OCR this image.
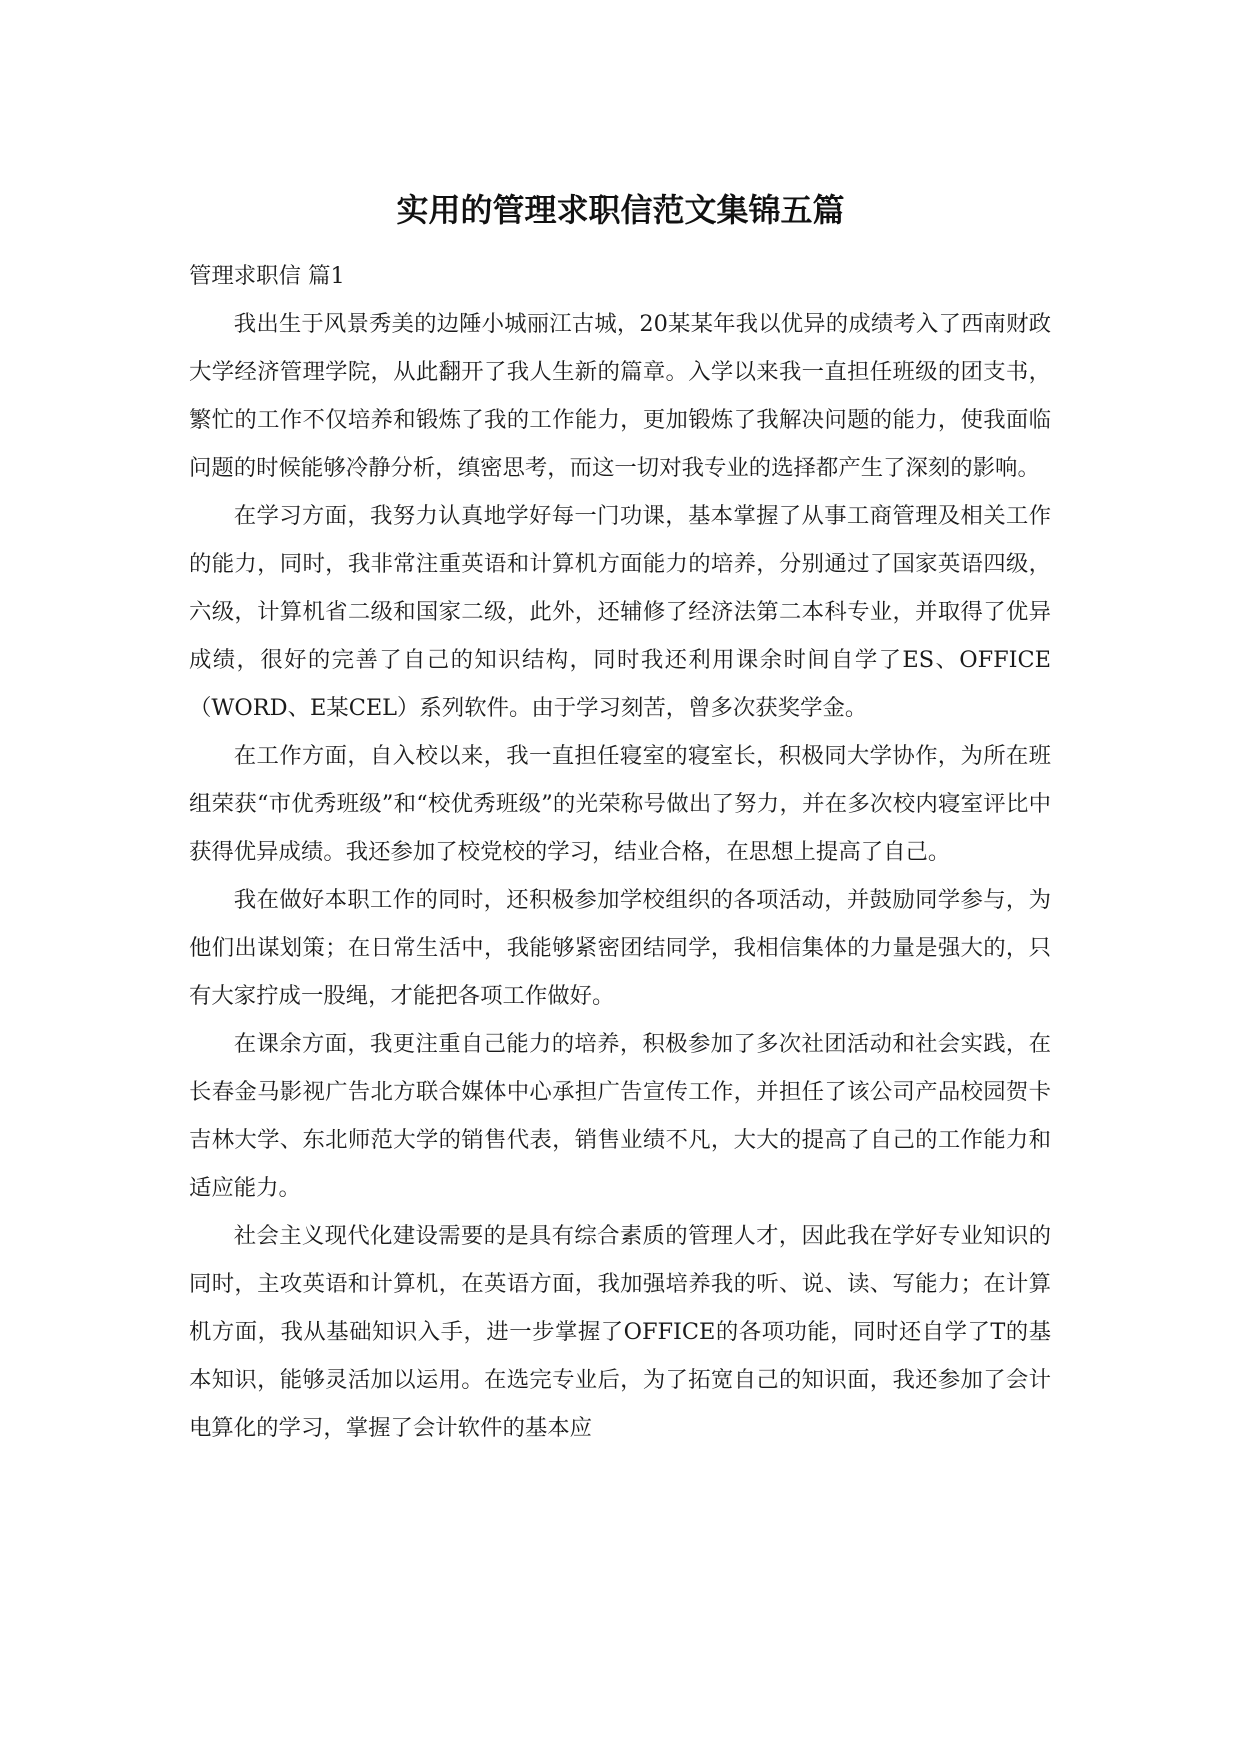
实用的管理求职信范文集锦五篇

管理求职信 篇1

我出生于风景秀美的边陲小城丽江古城，20某某年我以优异的成绩考入了西南财政大学经济管理学院，从此翻开了我人生新的篇章。入学以来我一直担任班级的团支书，繁忙的工作不仅培养和锻炼了我的工作能力，更加锻炼了我解决问题的能力，使我面临问题的时候能够冷静分析，缜密思考，而这一切对我专业的选择都产生了深刻的影响。

在学习方面，我努力认真地学好每一门功课，基本掌握了从事工商管理及相关工作的能力，同时，我非常注重英语和计算机方面能力的培养，分别通过了国家英语四级，六级，计算机省二级和国家二级，此外，还辅修了经济法第二本科专业，并取得了优异成绩，很好的完善了自己的知识结构，同时我还利用课余时间自学了ES、OFFICE（WORD、E某CEL）系列软件。由于学习刻苦，曾多次获奖学金。

在工作方面，自入校以来，我一直担任寝室的寝室长，积极同大学协作，为所在班组荣获“市优秀班级”和“校优秀班级”的光荣称号做出了努力，并在多次校内寝室评比中获得优异成绩。我还参加了校党校的学习，结业合格，在思想上提高了自己。

我在做好本职工作的同时，还积极参加学校组织的各项活动，并鼓励同学参与，为他们出谋划策；在日常生活中，我能够紧密团结同学，我相信集体的力量是强大的，只有大家拧成一股绳，才能把各项工作做好。

在课余方面，我更注重自己能力的培养，积极参加了多次社团活动和社会实践，在长春金马影视广告北方联合媒体中心承担广告宣传工作，并担任了该公司产品校园贺卡吉林大学、东北师范大学的销售代表，销售业绩不凡，大大的提高了自己的工作能力和适应能力。

社会主义现代化建设需要的是具有综合素质的管理人才，因此我在学好专业知识的同时，主攻英语和计算机，在英语方面，我加强培养我的听、说、读、写能力；在计算机方面，我从基础知识入手，进一步掌握了OFFICE的各项功能，同时还自学了T的基本知识，能够灵活加以运用。在选完专业后，为了拓宽自己的知识面，我还参加了会计电算化的学习，掌握了会计软件的基本应
